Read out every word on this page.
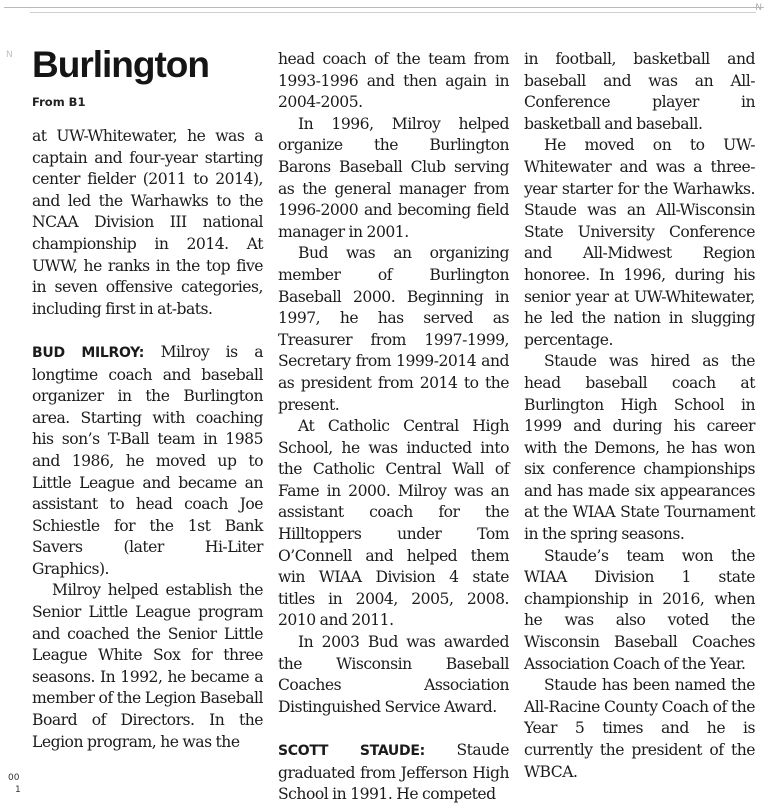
N
N
00
1
Burlington
From B1

at UW-Whitewater, he was a captain and four-year starting center fielder (2011 to 2014), and led the Warhawks to the NCAA Division III national championship in 2014. At UWW, he ranks in the top five in seven offensive categories, including first in at-bats.

BUD MILROY: Milroy is a longtime coach and baseball organizer in the Burlington area. Starting with coaching his son’s T-Ball team in 1985 and 1986, he moved up to Little League and became an assistant to head coach Joe Schiestle for the 1st Bank Savers (later Hi-Liter Graphics).

Milroy helped establish the Senior Little League program and coached the Senior Little League White Sox for three seasons. In 1992, he became a member of the Legion Baseball Board of Directors. In the Legion program, he was the

head coach of the team from 1993-1996 and then again in 2004-2005.

In 1996, Milroy helped organize the Burlington Barons Baseball Club serving as the general manager from 1996-2000 and becoming field manager in 2001.

Bud was an organizing member of Burlington Baseball 2000. Beginning in 1997, he has served as Treasurer from 1997-1999, Secretary from 1999-2014 and as president from 2014 to the present.

At Catholic Central High School, he was inducted into the Catholic Central Wall of Fame in 2000. Milroy was an assistant coach for the Hilltoppers under Tom O’Connell and helped them win WIAA Division 4 state titles in 2004, 2005, 2008. 2010 and 2011.

In 2003 Bud was awarded the Wisconsin Baseball Coaches Association Distinguished Service Award.

SCOTT STAUDE: Staude graduated from Jefferson High School in 1991. He competed

in football, basketball and baseball and was an All-Conference player in basketball and baseball.

He moved on to UW-Whitewater and was a three-year starter for the Warhawks. Staude was an All-Wisconsin State University Conference and All-Midwest Region honoree. In 1996, during his senior year at UW-Whitewater, he led the nation in slugging percentage.

Staude was hired as the head baseball coach at Burlington High School in 1999 and during his career with the Demons, he has won six conference championships and has made six appearances at the WIAA State Tournament in the spring seasons.

Staude’s team won the WIAA Division 1 state championship in 2016, when he was also voted the Wisconsin Baseball Coaches Association Coach of the Year.

Staude has been named the All-Racine County Coach of the Year 5 times and he is currently the president of the WBCA.
